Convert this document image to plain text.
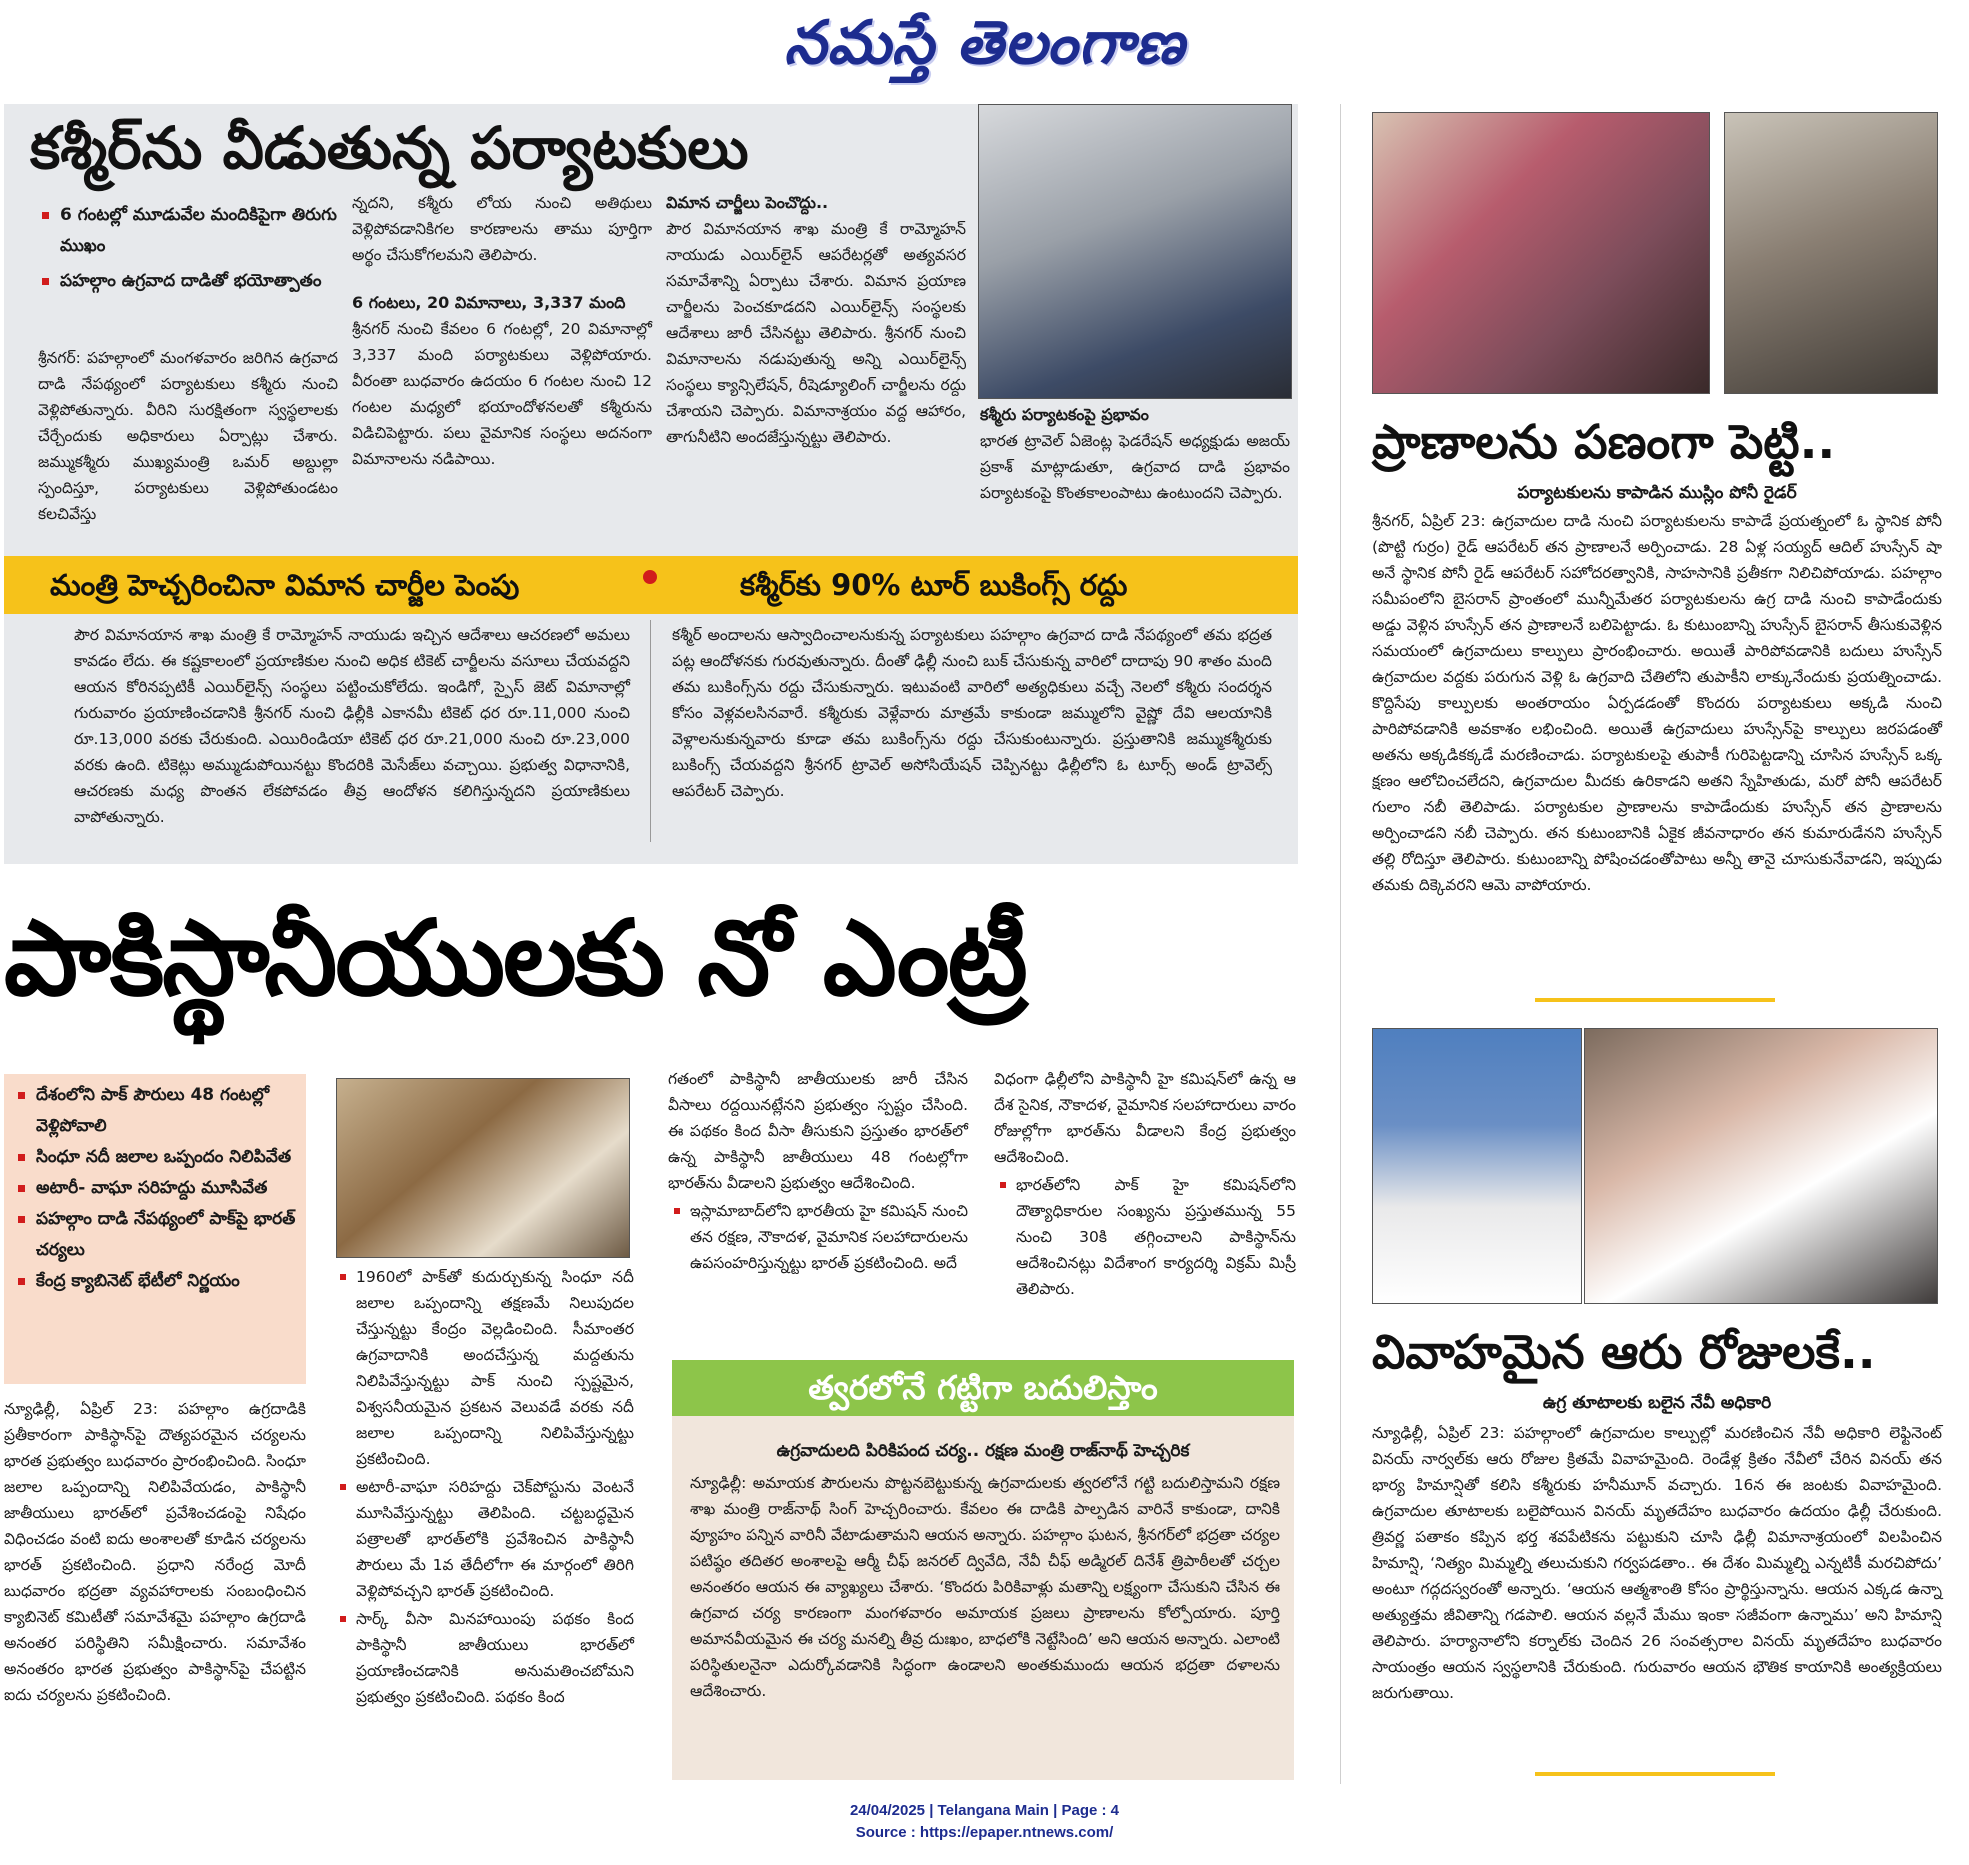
నమస్తే తెలంగాణ
కశ్మీర్‌ను వీడుతున్న పర్యాటకులు
6 గంటల్లో మూడువేల మందికిపైగా తిరుగు ముఖం
పహల్గాం ఉగ్రవాద దాడితో భయోత్పాతం
శ్రీనగర్‌: పహల్గాంలో మంగళవారం జరిగిన ఉగ్రవాద దాడి నేపథ్యంలో పర్యాటకులు కశ్మీరు నుంచి వెళ్లిపోతున్నారు. వీరిని సురక్షితంగా స్వస్థలాలకు చేర్చేందుకు అధికారులు ఏర్పాట్లు చేశారు. జమ్ముకశ్మీరు ముఖ్యమంత్రి ఒమర్‌ అబ్దుల్లా స్పందిస్తూ, పర్యాటకులు వెళ్లిపోతుండటం కలచివేస్తు
న్నదని, కశ్మీరు లోయ నుంచి అతిథులు వెళ్లిపోవడానికిగల కారణాలను తాము పూర్తిగా అర్థం చేసుకోగలమని తెలిపారు.
6 గంటలు, 20 విమానాలు, 3,337 మంది
శ్రీనగర్‌ నుంచి కేవలం 6 గంటల్లో, 20 విమానాల్లో 3,337 మంది పర్యాటకులు వెళ్లిపోయారు. వీరంతా బుధవారం ఉదయం 6 గంటల నుంచి 12 గంటల మధ్యలో భయాందోళనలతో కశ్మీరును విడిచిపెట్టారు. పలు వైమానిక సంస్థలు అదనంగా విమానాలను నడిపాయి.
విమాన చార్జీలు పెంచొద్దు..
పౌర విమానయాన శాఖ మంత్రి కే రామ్మోహన్‌ నాయుడు ఎయిర్‌లైన్‌ ఆపరేటర్లతో అత్యవసర సమావేశాన్ని ఏర్పాటు చేశారు. విమాన ప్రయాణ చార్జీలను పెంచకూడదని ఎయిర్‌లైన్స్‌ సంస్థలకు ఆదేశాలు జారీ చేసినట్టు తెలిపారు. శ్రీనగర్‌ నుంచి విమానాలను నడుపుతున్న అన్ని ఎయిర్‌లైన్స్‌ సంస్థలు క్యాన్సిలేషన్‌, రీషెడ్యూలింగ్‌ చార్జీలను రద్దు చేశాయని చెప్పారు. విమానాశ్రయం వద్ద ఆహారం, తాగునీటిని అందజేస్తున్నట్టు తెలిపారు.
కశ్మీరు పర్యాటకంపై ప్రభావం
భారత ట్రావెల్‌ ఏజెంట్ల ఫెడరేషన్‌ అధ్యక్షుడు అజయ్‌ ప్రకాశ్‌ మాట్లాడుతూ, ఉగ్రవాద దాడి ప్రభావం పర్యాటకంపై కొంతకాలంపాటు ఉంటుందని చెప్పారు.
మంత్రి హెచ్చరించినా విమాన చార్జీల పెంపు	కశ్మీర్‌కు 90% టూర్‌ బుకింగ్స్‌ రద్దు
పౌర విమానయాన శాఖ మంత్రి కే రామ్మోహన్‌ నాయుడు ఇచ్చిన ఆదేశాలు ఆచరణలో అమలు కావడం లేదు. ఈ కష్టకాలంలో ప్రయాణికుల నుంచి అధిక టికెట్‌ చార్జీలను వసూలు చేయవద్దని ఆయన కోరినప్పటికీ ఎయిర్‌లైన్స్‌ సంస్థలు పట్టించుకోలేదు. ఇండిగో, స్పైస్‌ జెట్‌ విమానాల్లో గురువారం ప్రయాణించడానికి శ్రీనగర్‌ నుంచి ఢిల్లీకి ఎకానమీ టికెట్‌ ధర రూ.11,000 నుంచి రూ.13,000 వరకు చేరుకుంది. ఎయిరిండియా టికెట్‌ ధర రూ.21,000 నుంచి రూ.23,000 వరకు ఉంది. టికెట్లు అమ్ముడుపోయినట్టు కొందరికి మెసేజ్‌లు వచ్చాయి. ప్రభుత్వ విధానానికి, ఆచరణకు మధ్య పొంతన లేకపోవడం తీవ్ర ఆందోళన కలిగిస్తున్నదని ప్రయాణికులు వాపోతున్నారు.
కశ్మీర్‌ అందాలను ఆస్వాదించాలనుకున్న పర్యాటకులు పహల్గాం ఉగ్రవాద దాడి నేపథ్యంలో తమ భద్రత పట్ల ఆందోళనకు గురవుతున్నారు. దీంతో ఢిల్లీ నుంచి బుక్‌ చేసుకున్న వారిలో దాదాపు 90 శాతం మంది తమ బుకింగ్స్‌ను రద్దు చేసుకున్నారు. ఇటువంటి వారిలో అత్యధికులు వచ్చే నెలలో కశ్మీరు సందర్శన కోసం వెళ్లవలసినవారే. కశ్మీరుకు వెళ్లేవారు మాత్రమే కాకుండా జమ్ములోని వైష్ణో దేవి ఆలయానికి వెళ్లాలనుకున్నవారు కూడా తమ బుకింగ్స్‌ను రద్దు చేసుకుంటున్నారు. ప్రస్తుతానికి జమ్ముకశ్మీరుకు బుకింగ్స్‌ చేయవద్దని శ్రీనగర్‌ ట్రావెల్‌ అసోసియేషన్‌ చెప్పినట్టు ఢిల్లీలోని ఓ టూర్స్‌ అండ్‌ ట్రావెల్స్‌ ఆపరేటర్‌ చెప్పారు.
పాకిస్థానీయులకు నో ఎంట్రీ
దేశంలోని పాక్‌ పౌరులు 48 గంటల్లో వెళ్లిపోవాలి
సింధూ నదీ జలాల ఒప్పందం నిలిపివేత
అటారీ- వాఘా సరిహద్దు మూసివేత
పహల్గాం దాడి నేపథ్యంలో పాక్‌పై భారత్‌ చర్యలు
కేంద్ర క్యాబినెట్‌ భేటీలో నిర్ణయం
న్యూఢిల్లీ, ఏప్రిల్‌ 23: పహల్గాం ఉగ్రదాడికి ప్రతీకారంగా పాకిస్థాన్‌పై దౌత్యపరమైన చర్యలను భారత ప్రభుత్వం బుధవారం ప్రారంభించింది. సింధూ జలాల ఒప్పందాన్ని నిలిపివేయడం, పాకిస్థానీ జాతీయులు భారత్‌లో ప్రవేశించడంపై నిషేధం విధించడం వంటి ఐదు అంశాలతో కూడిన చర్యలను భారత్‌ ప్రకటించింది. ప్రధాని నరేంద్ర మోదీ బుధవారం భద్రతా వ్యవహారాలకు సంబంధించిన క్యాబినెట్‌ కమిటీతో సమావేశమై పహల్గాం ఉగ్రదాడి అనంతర పరిస్థితిని సమీక్షించారు. సమావేశం అనంతరం భారత ప్రభుత్వం పాకిస్థాన్‌పై చేపట్టిన ఐదు చర్యలను ప్రకటించింది.
1960లో పాక్‌తో కుదుర్చుకున్న సింధూ నదీ జలాల ఒప్పందాన్ని తక్షణమే నిలుపుదల చేస్తున్నట్టు కేంద్రం వెల్లడించింది. సీమాంతర ఉగ్రవాదానికి అందచేస్తున్న మద్దతును నిలిపివేస్తున్నట్టు పాక్‌ నుంచి స్పష్టమైన, విశ్వసనీయమైన ప్రకటన వెలువడే వరకు నదీ జలాల ఒప్పందాన్ని నిలిపివేస్తున్నట్టు ప్రకటించింది.
అటారీ-వాఘా సరిహద్దు చెక్‌పోస్టును వెంటనే మూసివేస్తున్నట్టు తెలిపింది. చట్టబద్ధమైన పత్రాలతో భారత్‌లోకి ప్రవేశించిన పాకిస్థానీ పౌరులు మే 1వ తేదీలోగా ఈ మార్గంలో తిరిగి వెళ్లిపోవచ్చని భారత్‌ ప్రకటించింది.
సార్క్‌ వీసా మినహాయింపు పథకం కింద పాకిస్థానీ జాతీయులు భారత్‌లో ప్రయాణించడానికి అనుమతించబోమని ప్రభుత్వం ప్రకటించింది. పథకం కింద
గతంలో పాకిస్థానీ జాతీయులకు జారీ చేసిన వీసాలు రద్దయినట్లేనని ప్రభుత్వం స్పష్టం చేసింది. ఈ పథకం కింద వీసా తీసుకుని ప్రస్తుతం భారత్‌లో ఉన్న పాకిస్థానీ జాతీయులు 48 గంటల్లోగా భారత్‌ను వీడాలని ప్రభుత్వం ఆదేశించింది.
ఇస్లామాబాద్‌లోని భారతీయ హై కమిషన్‌ నుంచి తన రక్షణ, నౌకాదళ, వైమానిక సలహాదారులను ఉపసంహరిస్తున్నట్టు భారత్‌ ప్రకటించింది. అదే
విధంగా ఢిల్లీలోని పాకిస్థానీ హై కమిషన్‌లో ఉన్న ఆ దేశ సైనిక, నౌకాదళ, వైమానిక సలహాదారులు వారం రోజుల్లోగా భారత్‌ను వీడాలని కేంద్ర ప్రభుత్వం ఆదేశించింది.
భారత్‌లోని పాక్‌ హై కమిషన్‌లోని దౌత్యాధికారుల సంఖ్యను ప్రస్తుతమున్న 55 నుంచి 30కి తగ్గించాలని పాకిస్థాన్‌ను ఆదేశించినట్లు విదేశాంగ కార్యదర్శి విక్రమ్‌ మిస్రీ తెలిపారు.
త్వరలోనే గట్టిగా బదులిస్తాం
ఉగ్రవాదులది పిరికిపంద చర్య.. రక్షణ మంత్రి రాజ్‌నాథ్‌ హెచ్చరిక
న్యూఢిల్లీ: అమాయక పౌరులను పొట్టనబెట్టుకున్న ఉగ్రవాదులకు త్వరలోనే గట్టి బదులిస్తామని రక్షణ శాఖ మంత్రి రాజ్‌నాథ్‌ సింగ్‌ హెచ్చరించారు. కేవలం ఈ దాడికి పాల్పడిన వారినే కాకుండా, దానికి వ్యూహం పన్నిన వారినీ వేటాడుతామని ఆయన అన్నారు. పహల్గాం ఘటన, శ్రీనగర్‌లో భద్రతా చర్యల పటిష్ఠం తదితర అంశాలపై ఆర్మీ చీఫ్‌ జనరల్‌ ద్వివేది, నేవీ చీఫ్‌ అడ్మిరల్‌ దినేశ్‌ త్రిపాఠీలతో చర్చల అనంతరం ఆయన ఈ వ్యాఖ్యలు చేశారు. ‘కొందరు పిరికివాళ్లు మతాన్ని లక్ష్యంగా చేసుకుని చేసిన ఈ ఉగ్రవాద చర్య కారణంగా మంగళవారం అమాయక ప్రజలు ప్రాణాలను కోల్పోయారు. పూర్తి అమానవీయమైన ఈ చర్య మనల్ని తీవ్ర దుఃఖం, బాధలోకి నెట్టేసింది’ అని ఆయన అన్నారు. ఎలాంటి పరిస్థితులనైనా ఎదుర్కోవడానికి సిద్ధంగా ఉండాలని అంతకుముందు ఆయన భద్రతా దళాలను ఆదేశించారు.
ప్రాణాలను పణంగా పెట్టి..
పర్యాటకులను కాపాడిన ముస్లిం పోనీ రైడర్‌
శ్రీనగర్‌, ఏప్రిల్‌ 23: ఉగ్రవాదుల దాడి నుంచి పర్యాటకులను కాపాడే ప్రయత్నంలో ఓ స్థానిక పోనీ (పొట్టి గుర్రం) రైడ్‌ ఆపరేటర్‌ తన ప్రాణాలనే అర్పించాడు. 28 ఏళ్ల సయ్యద్‌ ఆదిల్‌ హుస్సేన్‌ షా అనే స్థానిక పోనీ రైడ్‌ ఆపరేటర్‌ సహోదరత్వానికి, సాహసానికి ప్రతీకగా నిలిచిపోయాడు. పహల్గాం సమీపంలోని బైసరాన్‌ ప్రాంతంలో మున్నీమేతర పర్యాటకులను ఉగ్ర దాడి నుంచి కాపాడేందుకు అడ్డు వెళ్లిన హుస్సేన్‌ తన ప్రాణాలనే బలిపెట్టాడు. ఓ కుటుంబాన్ని హుస్సేన్‌ బైసరాన్‌ తీసుకువెళ్లిన సమయంలో ఉగ్రవాదులు కాల్పులు ప్రారంభించారు. అయితే పారిపోవడానికి బదులు హుస్సేన్‌ ఉగ్రవాదుల వద్దకు పరుగున వెళ్లి ఓ ఉగ్రవాది చేతిలోని తుపాకీని లాక్కునేందుకు ప్రయత్నించాడు. కొద్దిసేపు కాల్పులకు అంతరాయం ఏర్పడడంతో కొందరు పర్యాటకులు అక్కడి నుంచి పారిపోవడానికి అవకాశం లభించింది. అయితే ఉగ్రవాదులు హుస్సేన్‌పై కాల్పులు జరపడంతో అతను అక్కడికక్కడే మరణించాడు. పర్యాటకులపై తుపాకీ గురిపెట్టడాన్ని చూసిన హుస్సేన్‌ ఒక్క క్షణం ఆలోచించలేదని, ఉగ్రవాదుల మీదకు ఉరికాడని అతని స్నేహితుడు, మరో పోనీ ఆపరేటర్‌ గులాం నబీ తెలిపాడు. పర్యాటకుల ప్రాణాలను కాపాడేందుకు హుస్సేన్‌ తన ప్రాణాలను అర్పించాడని నబీ చెప్పారు. తన కుటుంబానికి ఏకైక జీవనాధారం తన కుమారుడేనని హుస్సేన్‌ తల్లి రోదిస్తూ తెలిపారు. కుటుంబాన్ని పోషించడంతోపాటు అన్నీ తానై చూసుకునేవాడని, ఇప్పుడు తమకు దిక్కెవరని ఆమె వాపోయారు.
వివాహమైన ఆరు రోజులకే..
ఉగ్ర తూటాలకు బలైన నేవీ అధికారి
న్యూఢిల్లీ, ఏప్రిల్‌ 23: పహల్గాంలో ఉగ్రవాదుల కాల్పుల్లో మరణించిన నేవీ అధికారి లెఫ్టినెంట్‌ వినయ్‌ నార్వల్‌కు ఆరు రోజుల క్రితమే వివాహమైంది. రెండేళ్ల క్రితం నేవీలో చేరిన వినయ్‌ తన భార్య హిమాన్షితో కలిసి కశ్మీరుకు హనీమూన్‌ వచ్చారు. 16న ఈ జంటకు వివాహమైంది. ఉగ్రవాదుల తూటాలకు బలైపోయిన వినయ్‌ మృతదేహం బుధవారం ఉదయం ఢిల్లీ చేరుకుంది. త్రివర్ణ పతాకం కప్పిన భర్త శవపేటికను పట్టుకుని చూసి ఢిల్లీ విమానాశ్రయంలో విలపించిన హిమాన్షి, ‘నిత్యం మిమ్మల్ని తలుచుకుని గర్వపడతాం.. ఈ దేశం మిమ్మల్ని ఎన్నటికీ మరచిపోదు’ అంటూ గద్గదస్వరంతో అన్నారు. ‘ఆయన ఆత్మశాంతి కోసం ప్రార్థిస్తున్నాను. ఆయన ఎక్కడ ఉన్నా అత్యుత్తమ జీవితాన్ని గడపాలి. ఆయన వల్లనే మేము ఇంకా సజీవంగా ఉన్నాము’ అని హిమాన్షి తెలిపారు. హర్యానాలోని కర్నాల్‌కు చెందిన 26 సంవత్సరాల వినయ్‌ మృతదేహం బుధవారం సాయంత్రం ఆయన స్వస్థలానికి చేరుకుంది. గురువారం ఆయన భౌతిక కాయానికి అంత్యక్రియలు జరుగుతాయి.
24/04/2025 | Telangana Main | Page : 4
Source : https://epaper.ntnews.com/
